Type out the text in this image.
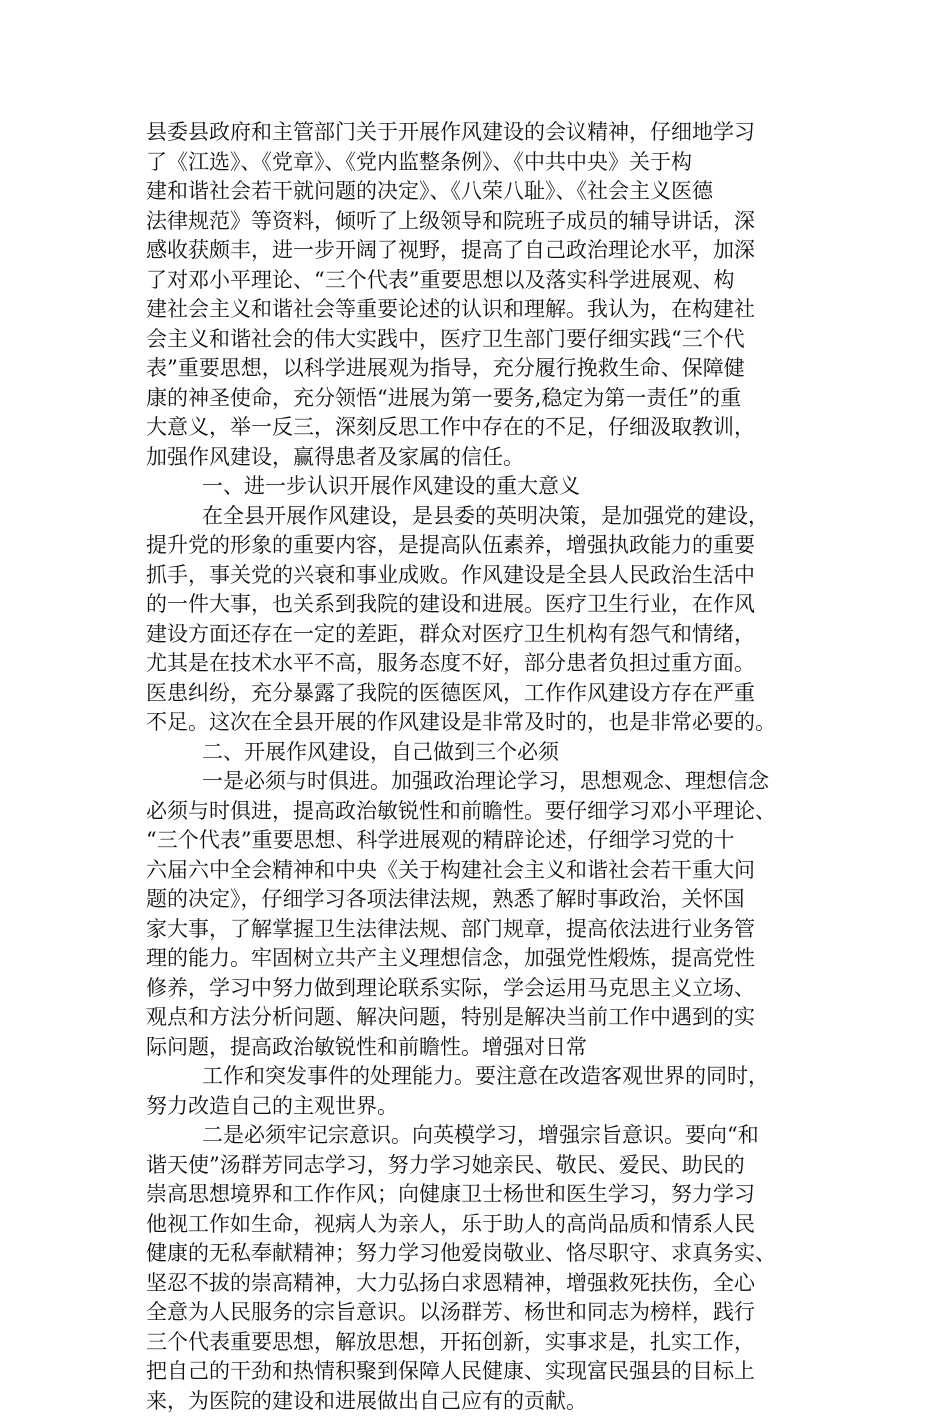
县委县政府和主管部门关于开展作风建设的会议精神，仔细地学习
了《江选》、《党章》、《党内监整条例》、《中共中央》关于构
建和谐社会若干就问题的决定》、《八荣八耻》、《社会主义医德
法律规范》等资料，倾听了上级领导和院班子成员的辅导讲话，深
感收获颇丰，进一步开阔了视野，提高了自己政治理论水平，加深
了对邓小平理论、“三个代表”重要思想以及落实科学进展观、构
建社会主义和谐社会等重要论述的认识和理解。我认为，在构建社
会主义和谐社会的伟大实践中，医疗卫生部门要仔细实践“三个代
表”重要思想，以科学进展观为指导，充分履行挽救生命、保障健
康的神圣使命，充分领悟“进展为第一要务,稳定为第一责任”的重
大意义，举一反三，深刻反思工作中存在的不足，仔细汲取教训，
加强作风建设，赢得患者及家属的信任。
一、进一步认识开展作风建设的重大意义
在全县开展作风建设，是县委的英明决策，是加强党的建设，
提升党的形象的重要内容，是提高队伍素养，增强执政能力的重要
抓手，事关党的兴衰和事业成败。作风建设是全县人民政治生活中
的一件大事，也关系到我院的建设和进展。医疗卫生行业，在作风
建设方面还存在一定的差距，群众对医疗卫生机构有怨气和情绪，
尤其是在技术水平不高，服务态度不好，部分患者负担过重方面。
医患纠纷，充分暴露了我院的医德医风，工作作风建设方存在严重
不足。这次在全县开展的作风建设是非常及时的，也是非常必要的。
二、开展作风建设，自己做到三个必须
一是必须与时俱进。加强政治理论学习，思想观念、理想信念
必须与时俱进，提高政治敏锐性和前瞻性。要仔细学习邓小平理论、
“三个代表”重要思想、科学进展观的精辟论述，仔细学习党的十
六届六中全会精神和中央《关于构建社会主义和谐社会若干重大问
题的决定》，仔细学习各项法律法规，熟悉了解时事政治，关怀国
家大事，了解掌握卫生法律法规、部门规章，提高依法进行业务管
理的能力。牢固树立共产主义理想信念，加强党性煅炼，提高党性
修养，学习中努力做到理论联系实际，学会运用马克思主义立场、
观点和方法分析问题、解决问题，特别是解决当前工作中遇到的实
际问题，提高政治敏锐性和前瞻性。增强对日常
工作和突发事件的处理能力。要注意在改造客观世界的同时，
努力改造自己的主观世界。
二是必须牢记宗意识。向英模学习，增强宗旨意识。要向“和
谐天使”汤群芳同志学习，努力学习她亲民、敬民、爱民、助民的
崇高思想境界和工作作风；向健康卫士杨世和医生学习，努力学习
他视工作如生命，视病人为亲人，乐于助人的高尚品质和情系人民
健康的无私奉献精神；努力学习他爱岗敬业、恪尽职守、求真务实、
坚忍不拔的崇高精神，大力弘扬白求恩精神，增强救死扶伤，全心
全意为人民服务的宗旨意识。以汤群芳、杨世和同志为榜样，践行
三个代表重要思想，解放思想，开拓创新，实事求是，扎实工作，
把自己的干劲和热情积聚到保障人民健康、实现富民强县的目标上
来，为医院的建设和进展做出自己应有的贡献。
